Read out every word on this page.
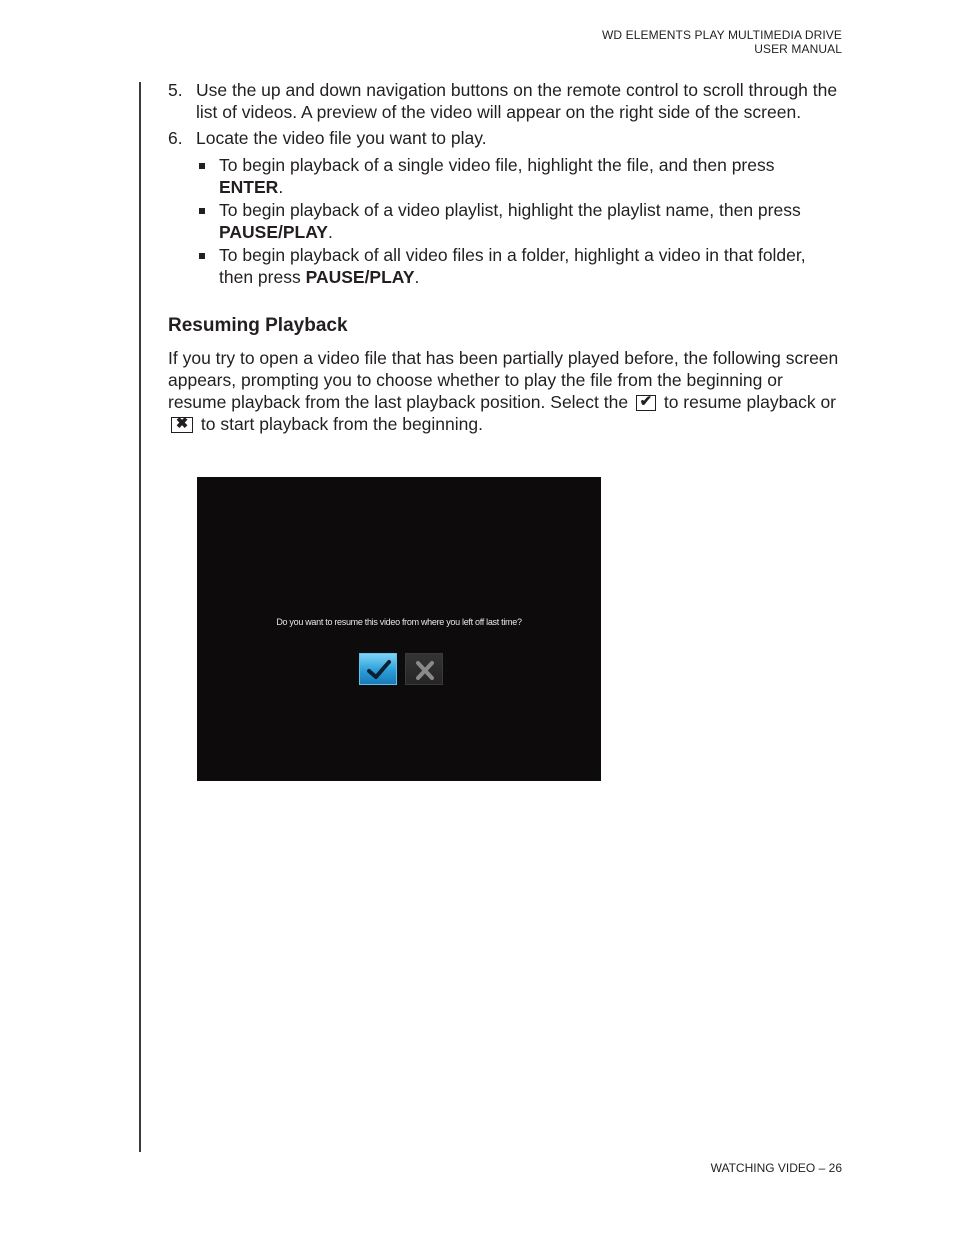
WD ELEMENTS PLAY MULTIMEDIA DRIVE
USER MANUAL
5. Use the up and down navigation buttons on the remote control to scroll through the list of videos. A preview of the video will appear on the right side of the screen.
6. Locate the video file you want to play.
To begin playback of a single video file, highlight the file, and then press ENTER.
To begin playback of a video playlist, highlight the playlist name, then press PAUSE/PLAY.
To begin playback of all video files in a folder, highlight a video in that folder, then press PAUSE/PLAY.
Resuming Playback
If you try to open a video file that has been partially played before, the following screen appears, prompting you to choose whether to play the file from the beginning or resume playback from the last playback position. Select the ✔ to resume playback or
✖ to start playback from the beginning.
Do you want to resume this video from where you left off last time?
WATCHING VIDEO – 26
